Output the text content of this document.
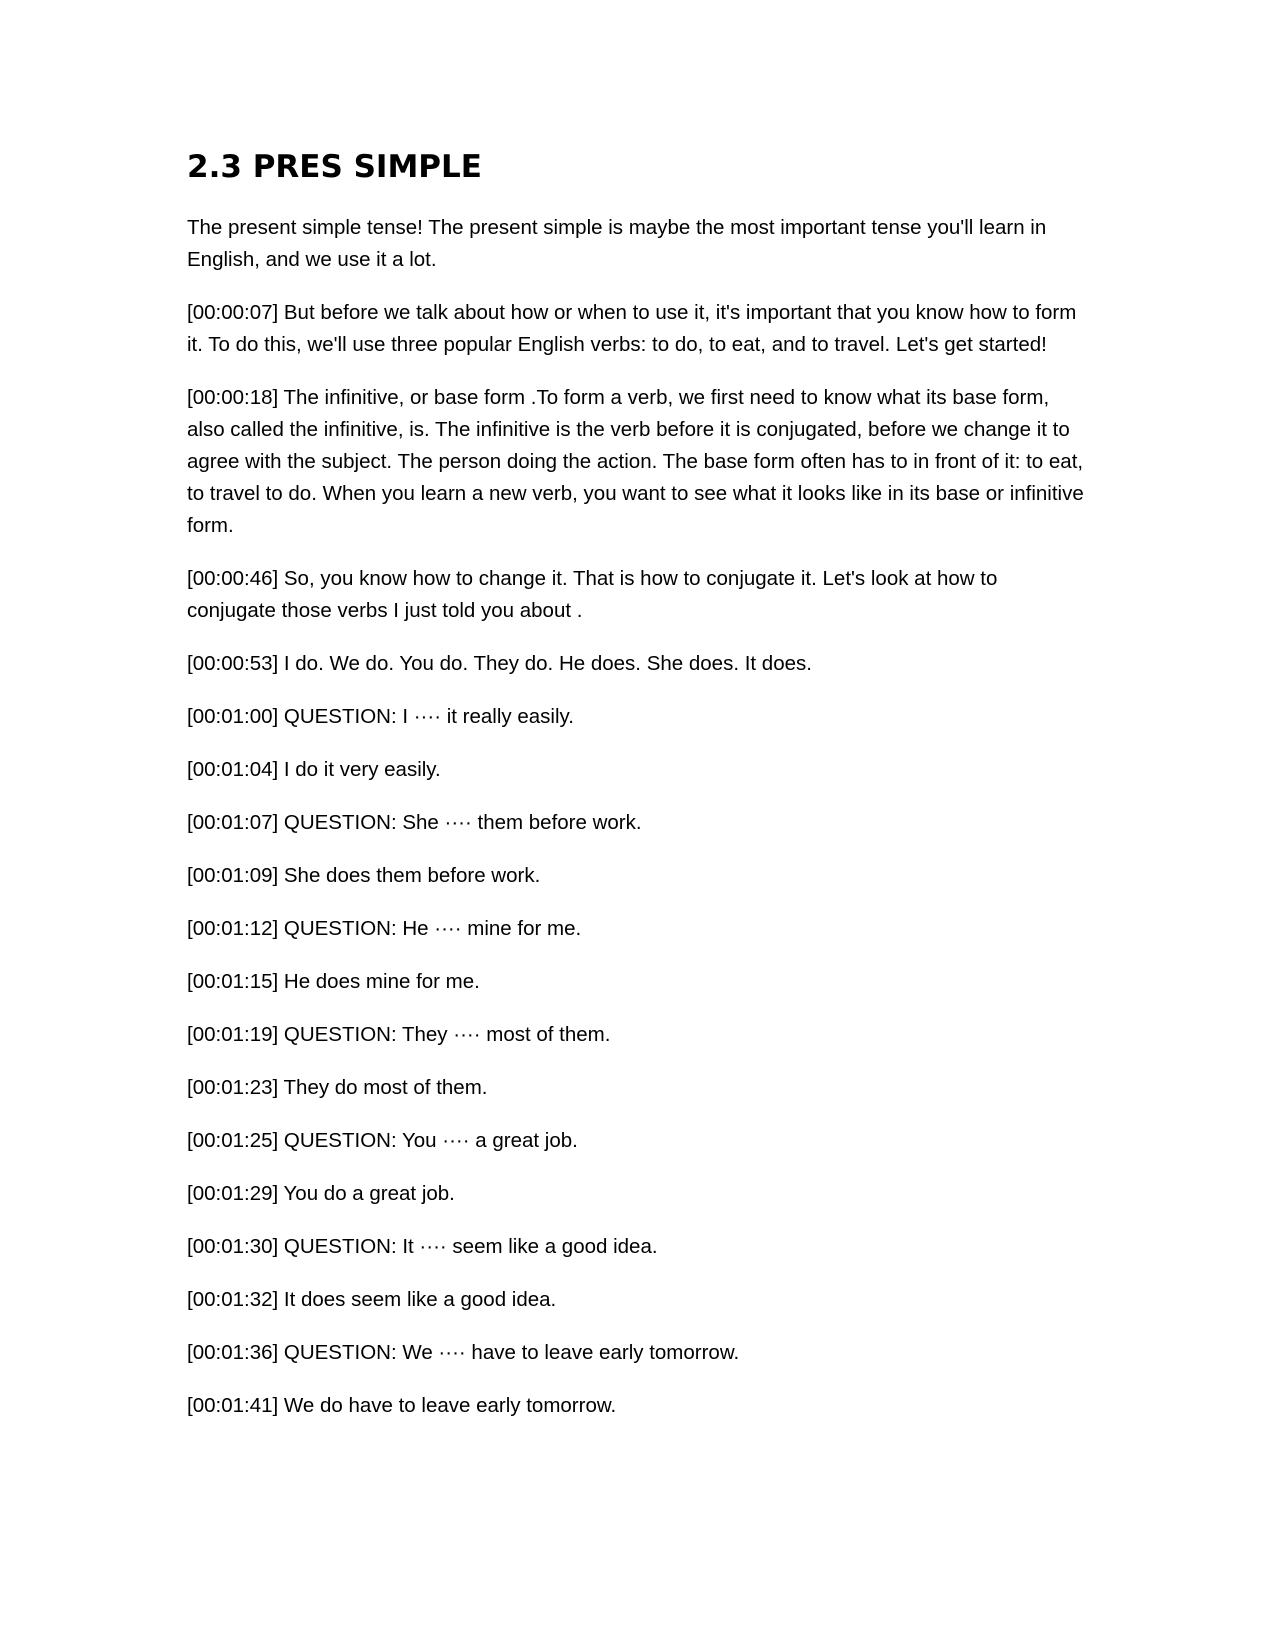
2.3 PRES SIMPLE

The present simple tense! The present simple is maybe the most important tense you'll learn in English, and we use it a lot.

[00:00:07] But before we talk about how or when to use it, it's important that you know how to form it. To do this, we'll use three popular English verbs: to do, to eat, and to travel. Let's get started!

[00:00:18] The infinitive, or base form .To form a verb, we first need to know what its base form, also called the infinitive, is. The infinitive is the verb before it is conjugated, before we change it to agree with the subject. The person doing the action. The base form often has to in front of it: to eat, to travel to do. When you learn a new verb, you want to see what it looks like in its base or infinitive form.

[00:00:46] So, you know how to change it. That is how to conjugate it. Let's look at how to conjugate those verbs I just told you about .

[00:00:53] I do. We do. You do. They do. He does. She does. It does.

[00:01:00] QUESTION: I ···· it really easily.

[00:01:04] I do it very easily.

[00:01:07] QUESTION: She ···· them before work.

[00:01:09] She does them before work.

[00:01:12] QUESTION: He ···· mine for me.

[00:01:15] He does mine for me.

[00:01:19] QUESTION: They ···· most of them.

[00:01:23] They do most of them.

[00:01:25] QUESTION: You ···· a great job.

[00:01:29] You do a great job.

[00:01:30] QUESTION: It ···· seem like a good idea.

[00:01:32] It does seem like a good idea.

[00:01:36] QUESTION: We ···· have to leave early tomorrow.

[00:01:41] We do have to leave early tomorrow.
